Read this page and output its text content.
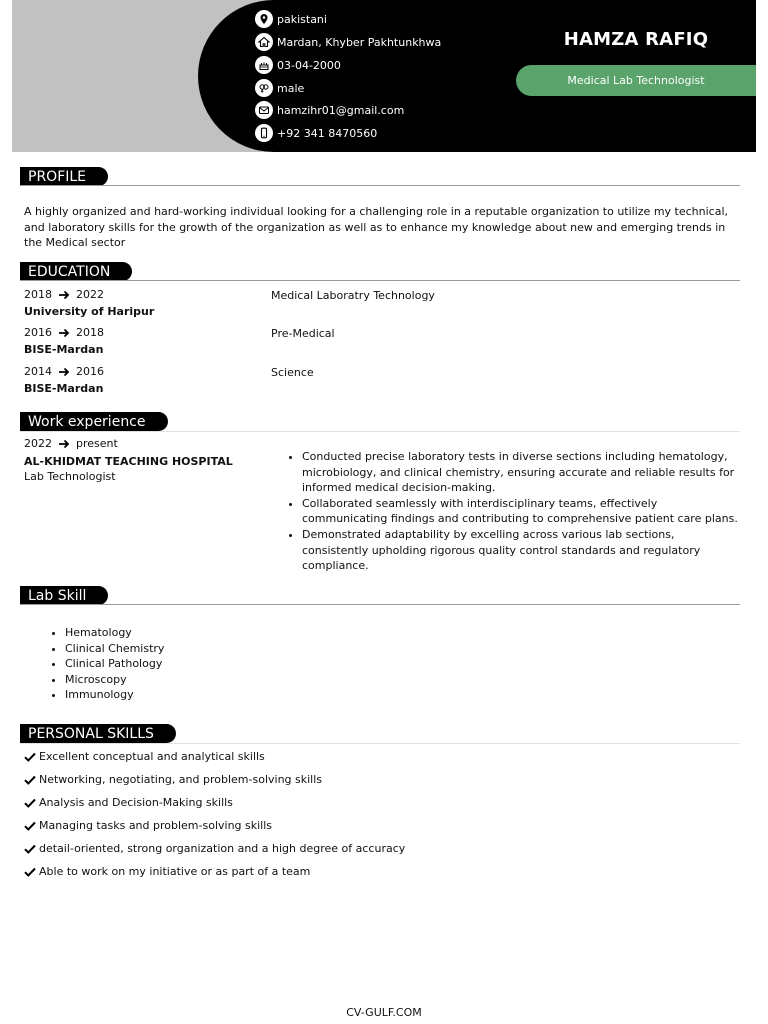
pakistani
Mardan, Khyber Pakhtunkhwa
03-04-2000
male
hamzihr01@gmail.com
+92 341 8470560
HAMZA RAFIQ
Medical Lab Technologist
PROFILE
A highly organized and hard-working individual looking for a challenging role in a reputable organization to utilize my technical, and laboratory skills for the growth of the organization as well as to enhance my knowledge about new and emerging trends in the Medical sector
EDUCATION
2018 2022
University of Haripur
Medical Laboratry Technology
2016 2018
BISE-Mardan
Pre-Medical
2014 2016
BISE-Mardan
Science
Work experience
2022 present
AL-KHIDMAT TEACHING HOSPITAL
Lab Technologist
• Conducted precise laboratory tests in diverse sections including hematology, microbiology, and clinical chemistry, ensuring accurate and reliable results for informed medical decision-making.
• Collaborated seamlessly with interdisciplinary teams, effectively communicating findings and contributing to comprehensive patient care plans.
• Demonstrated adaptability by excelling across various lab sections, consistently upholding rigorous quality control standards and regulatory compliance.
Lab Skill
• Hematology
• Clinical Chemistry
• Clinical Pathology
• Microscopy
• Immunology
PERSONAL SKILLS
Excellent conceptual and analytical skills
Networking, negotiating, and problem-solving skills
Analysis and Decision-Making skills
Managing tasks and problem-solving skills
detail-oriented, strong organization and a high degree of accuracy
Able to work on my initiative or as part of a team
CV-GULF.COM
